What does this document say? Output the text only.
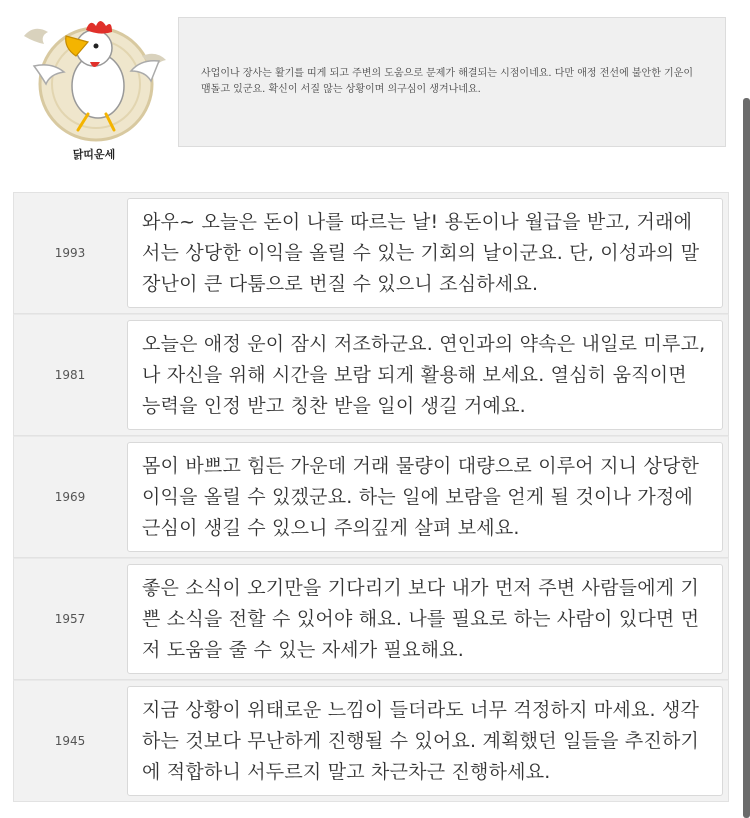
닭띠운세
사업이나 장사는 활기를 띠게 되고 주변의 도움으로 문제가 해결되는 시점이네요. 다만 애정 전선에 불안한 기운이 맴돌고 있군요. 확신이 서질 않는 상황이며 의구심이 생겨나네요.
1993
와우~ 오늘은 돈이 나를 따르는 날! 용돈이나 월급을 받고, 거래에서는 상당한 이익을 올릴 수 있는 기회의 날이군요. 단, 이성과의 말장난이 큰 다툼으로 번질 수 있으니 조심하세요.
1981
오늘은 애정 운이 잠시 저조하군요. 연인과의 약속은 내일로 미루고, 나 자신을 위해 시간을 보람 되게 활용해 보세요. 열심히 움직이면 능력을 인정 받고 칭찬 받을 일이 생길 거예요.
1969
몸이 바쁘고 힘든 가운데 거래 물량이 대량으로 이루어 지니 상당한 이익을 올릴 수 있겠군요. 하는 일에 보람을 얻게 될 것이나 가정에 근심이 생길 수 있으니 주의깊게 살펴 보세요.
1957
좋은 소식이 오기만을 기다리기 보다 내가 먼저 주변 사람들에게 기쁜 소식을 전할 수 있어야 해요. 나를 필요로 하는 사람이 있다면 먼저 도움을 줄 수 있는 자세가 필요해요.
1945
지금 상황이 위태로운 느낌이 들더라도 너무 걱정하지 마세요. 생각하는 것보다 무난하게 진행될 수 있어요. 계획했던 일들을 추진하기에 적합하니 서두르지 말고 차근차근 진행하세요.
